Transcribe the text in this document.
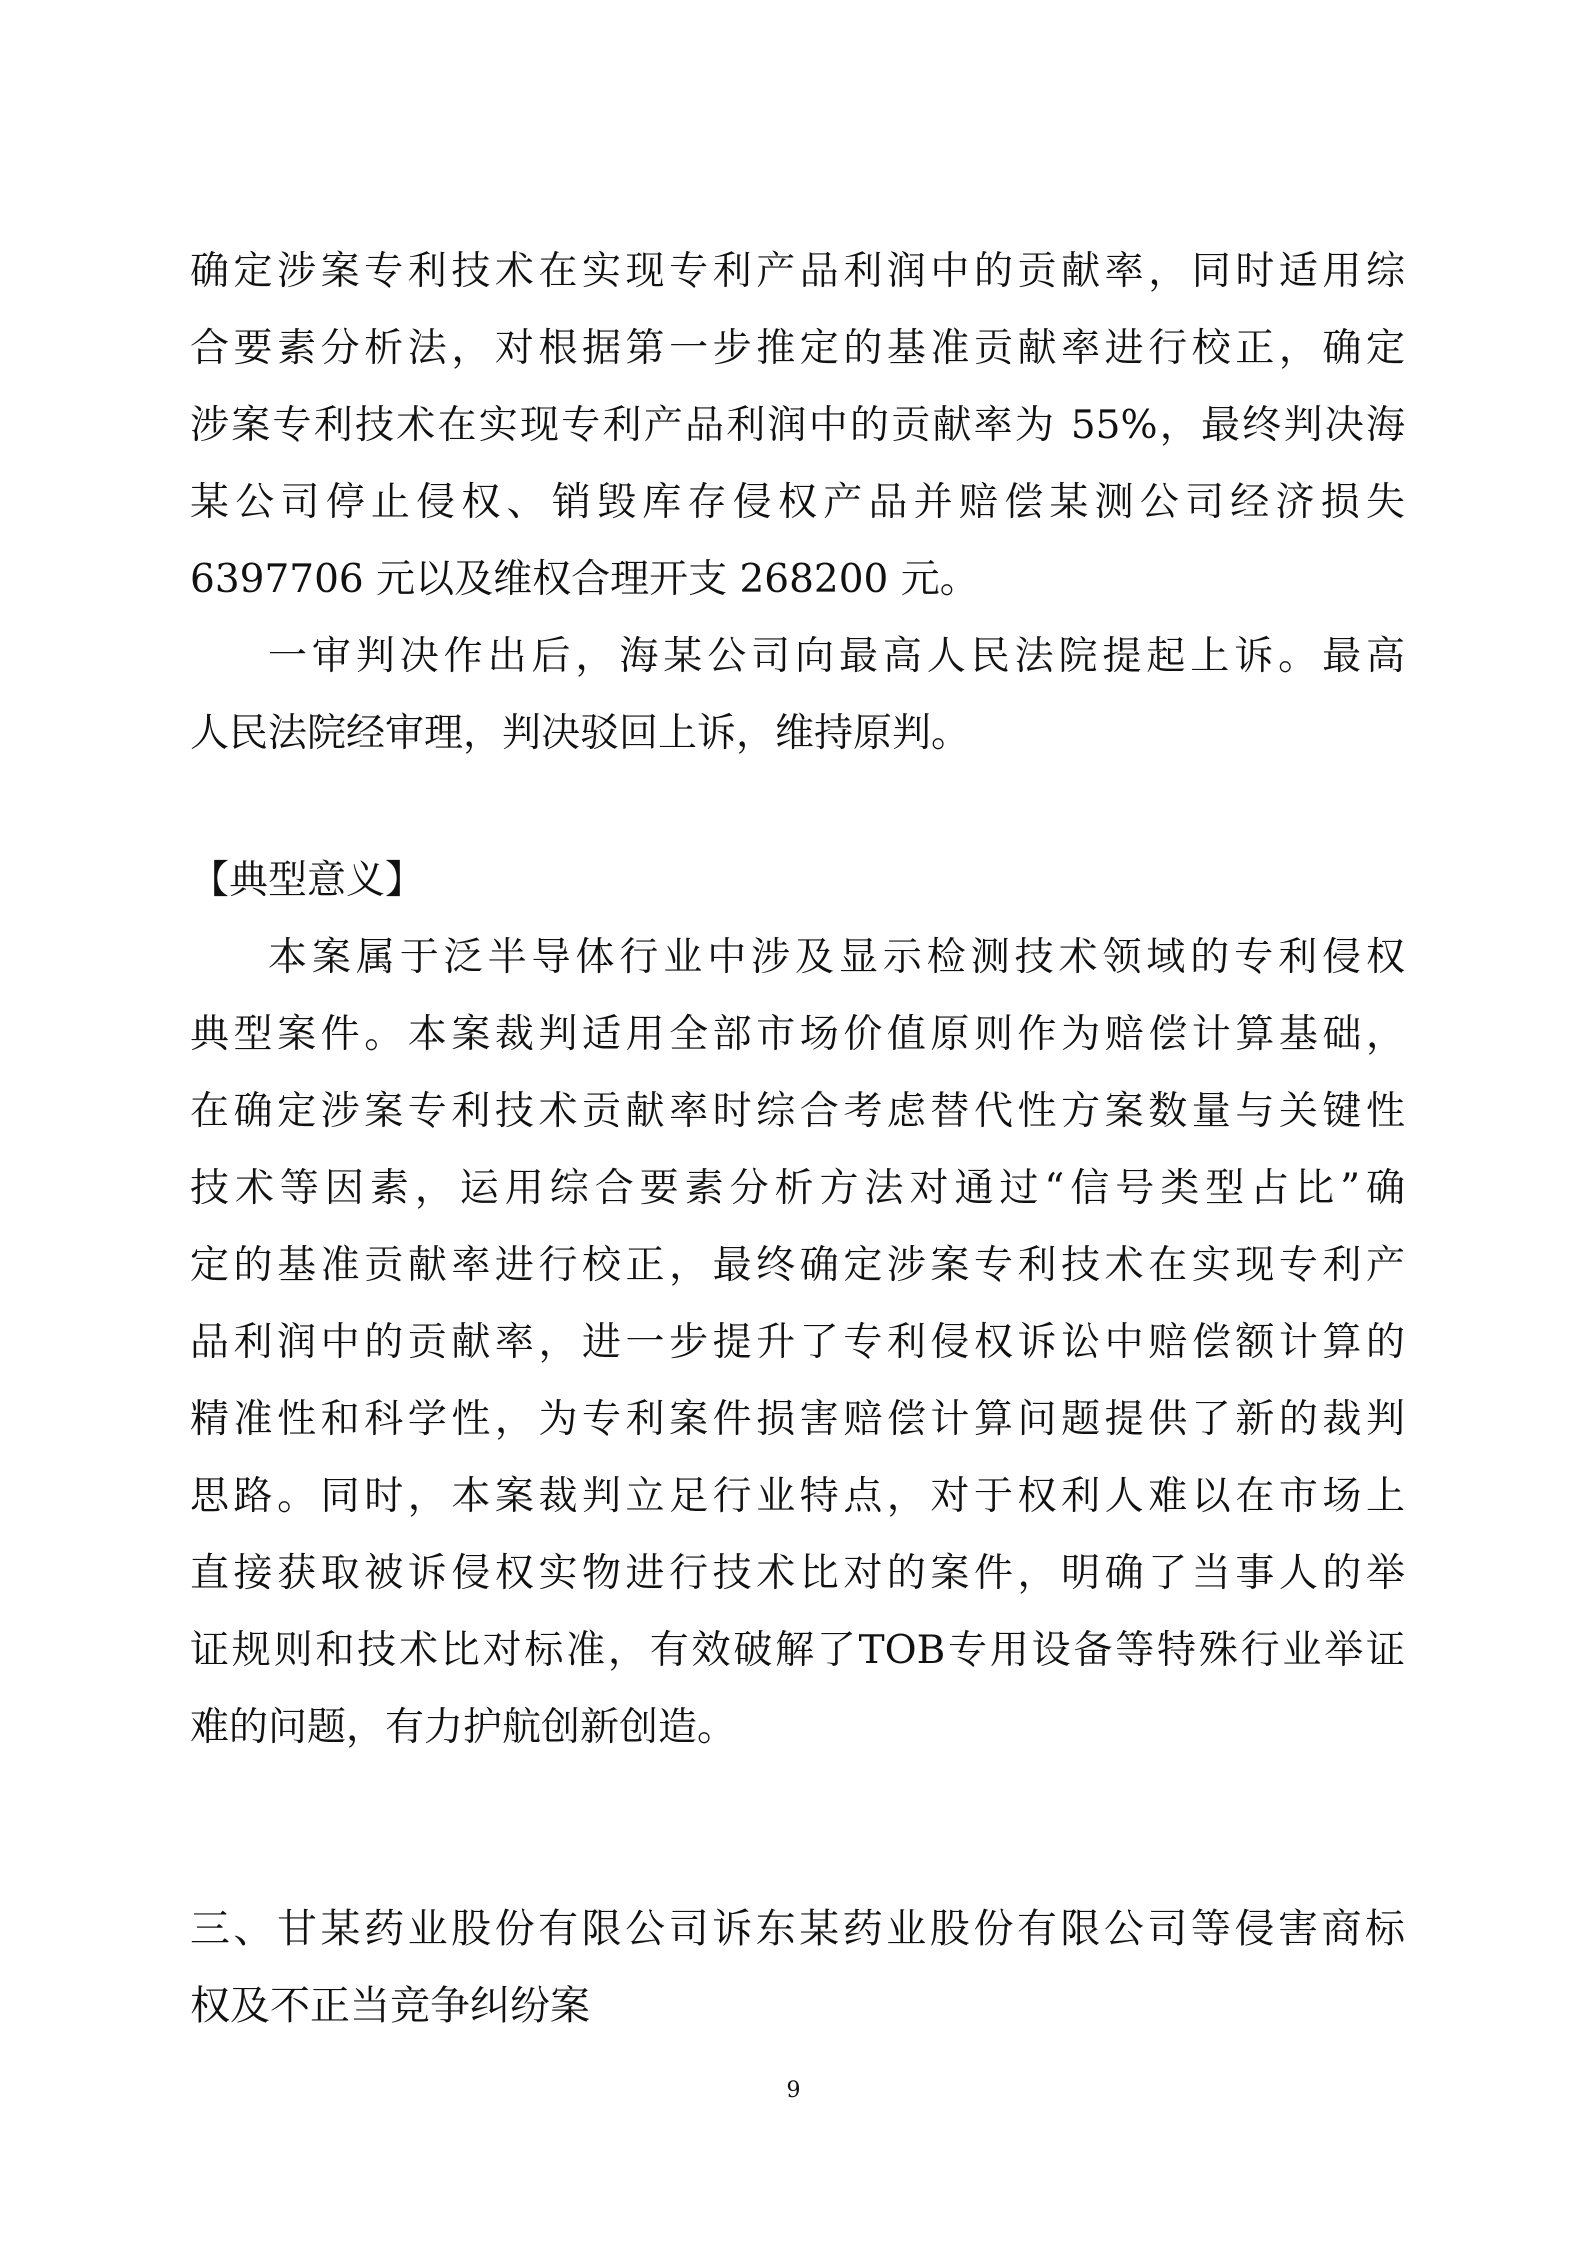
确定涉案专利技术在实现专利产品利润中的贡献率，同时适用综
合要素分析法，对根据第一步推定的基准贡献率进行校正，确定
涉案专利技术在实现专利产品利润中的贡献率为 55%，最终判决海
某公司停止侵权、销毁库存侵权产品并赔偿某测公司经济损失
6397706 元以及维权合理开支 268200 元。
一审判决作出后，海某公司向最高人民法院提起上诉。最高
人民法院经审理，判决驳回上诉，维持原判。
【典型意义】
本案属于泛半导体行业中涉及显示检测技术领域的专利侵权
典型案件。本案裁判适用全部市场价值原则作为赔偿计算基础，
在确定涉案专利技术贡献率时综合考虑替代性方案数量与关键性
技术等因素，运用综合要素分析方法对通过“信号类型占比”确
定的基准贡献率进行校正，最终确定涉案专利技术在实现专利产
品利润中的贡献率，进一步提升了专利侵权诉讼中赔偿额计算的
精准性和科学性，为专利案件损害赔偿计算问题提供了新的裁判
思路。同时，本案裁判立足行业特点，对于权利人难以在市场上
直接获取被诉侵权实物进行技术比对的案件，明确了当事人的举
证规则和技术比对标准，有效破解了TOB专用设备等特殊行业举证
难的问题，有力护航创新创造。
三、甘某药业股份有限公司诉东某药业股份有限公司等侵害商标
权及不正当竞争纠纷案
9
